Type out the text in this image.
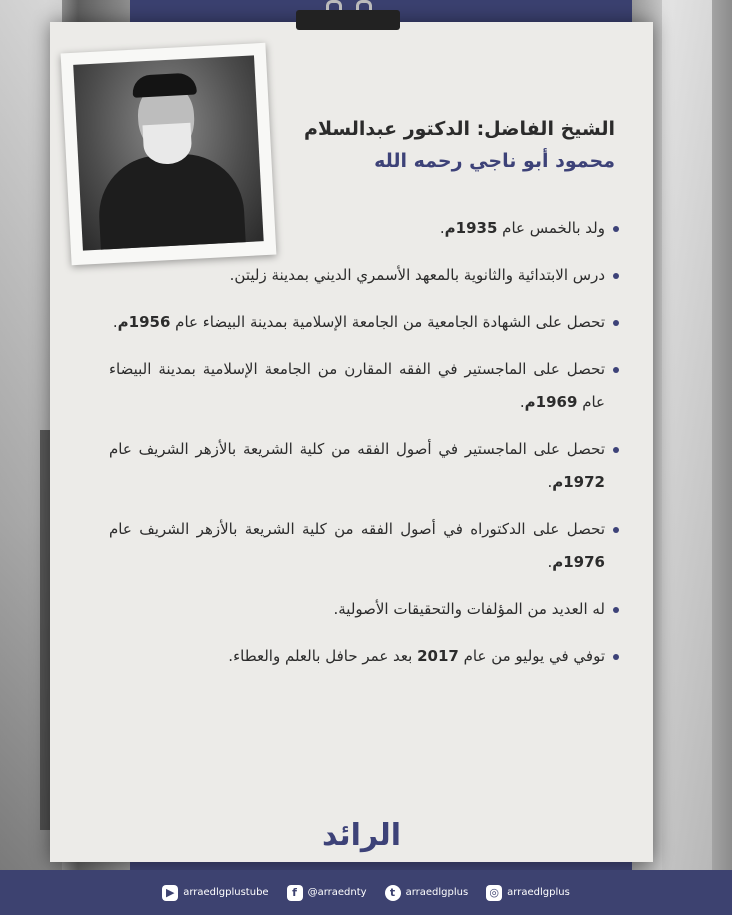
الشيخ الفاضل: الدكتور عبدالسلام
محمود أبو ناجي رحمه الله

ولد بالخمس عام 1935م.

درس الابتدائية والثانوية بالمعهد الأسمري الديني بمدينة زليتن.

تحصل على الشهادة الجامعية من الجامعة الإسلامية بمدينة البيضاء عام 1956م.

تحصل على الماجستير في الفقه المقارن من الجامعة الإسلامية بمدينة البيضاء عام 1969م.

تحصل على الماجستير في أصول الفقه من كلية الشريعة بالأزهر الشريف عام 1972م.

تحصل على الدكتوراه في أصول الفقه من كلية الشريعة بالأزهر الشريف عام 1976م.

له العديد من المؤلفات والتحقيقات الأصولية.

توفي في يوليو من عام 2017 بعد عمر حافل بالعلم والعطاء.

الرائد
▶ arraedlgplustube	f	@arraednty	t	arraedlgplus ◎ arraedlgplus
